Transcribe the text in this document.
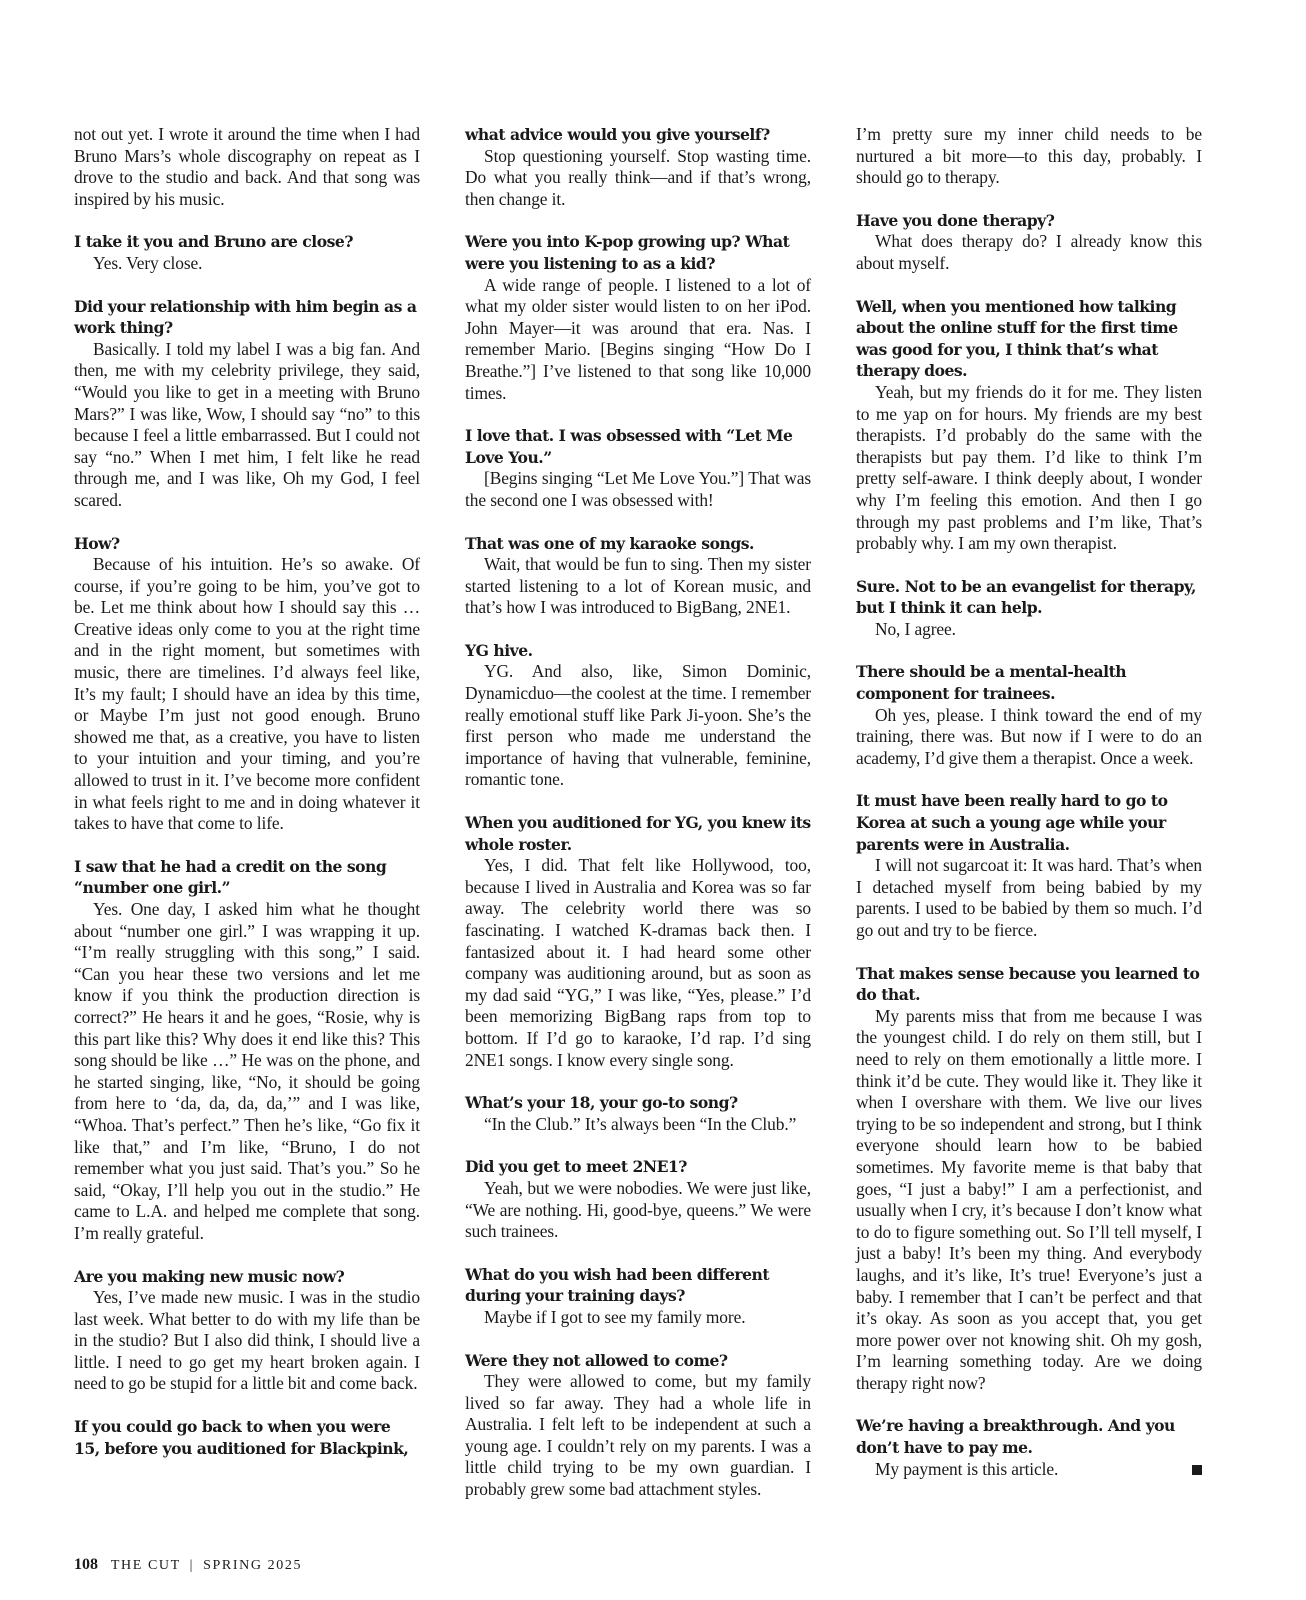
not out yet. I wrote it around the time when I had Bruno Mars’s whole discography on repeat as I drove to the studio and back. And that song was inspired by his music.
I take it you and Bruno are close?
Yes. Very close.
Did your relationship with him begin as a work thing?
Basically. I told my label I was a big fan. And then, me with my celebrity privilege, they said, “Would you like to get in a meeting with Bruno Mars?” I was like, Wow, I should say “no” to this because I feel a little embarrassed. But I could not say “no.” When I met him, I felt like he read through me, and I was like, Oh my God, I feel scared.
How?
Because of his intuition. He’s so awake. Of course, if you’re going to be him, you’ve got to be. Let me think about how I should say this … Creative ideas only come to you at the right time and in the right moment, but sometimes with music, there are timelines. I’d always feel like, It’s my fault; I should have an idea by this time, or Maybe I’m just not good enough. Bruno showed me that, as a creative, you have to listen to your intuition and your timing, and you’re allowed to trust in it. I’ve become more confident in what feels right to me and in doing whatever it takes to have that come to life.
I saw that he had a credit on the song “number one girl.”
Yes. One day, I asked him what he thought about “number one girl.” I was wrapping it up. “I’m really struggling with this song,” I said. “Can you hear these two versions and let me know if you think the production direction is correct?” He hears it and he goes, “Rosie, why is this part like this? Why does it end like this? This song should be like …” He was on the phone, and he started singing, like, “No, it should be going from here to ‘da, da, da, da,’” and I was like, “Whoa. That’s perfect.” Then he’s like, “Go fix it like that,” and I’m like, “Bruno, I do not remember what you just said. That’s you.” So he said, “Okay, I’ll help you out in the studio.” He came to L.A. and helped me complete that song. I’m really grateful.
Are you making new music now?
Yes, I’ve made new music. I was in the studio last week. What better to do with my life than be in the studio? But I also did think, I should live a little. I need to go get my heart broken again. I need to go be stupid for a little bit and come back.
If you could go back to when you were 15, before you auditioned for Blackpink,
what advice would you give yourself?
Stop questioning yourself. Stop wasting time. Do what you really think—and if that’s wrong, then change it.
Were you into K-pop growing up? What were you listening to as a kid?
A wide range of people. I listened to a lot of what my older sister would listen to on her iPod. John Mayer—it was around that era. Nas. I remember Mario. [Begins singing “How Do I Breathe.”] I’ve listened to that song like 10,000 times.
I love that. I was obsessed with “Let Me Love You.”
[Begins singing “Let Me Love You.”] That was the second one I was obsessed with!
That was one of my karaoke songs.
Wait, that would be fun to sing. Then my sister started listening to a lot of Korean music, and that’s how I was introduced to BigBang, 2NE1.
YG hive.
YG. And also, like, Simon Dominic, Dynamicduo—the coolest at the time. I remember really emotional stuff like Park Ji-yoon. She’s the first person who made me understand the importance of having that vulnerable, feminine, romantic tone.
When you auditioned for YG, you knew its whole roster.
Yes, I did. That felt like Hollywood, too, because I lived in Australia and Korea was so far away. The celebrity world there was so fascinating. I watched K-dramas back then. I fantasized about it. I had heard some other company was auditioning around, but as soon as my dad said “YG,” I was like, “Yes, please.” I’d been memorizing BigBang raps from top to bottom. If I’d go to karaoke, I’d rap. I’d sing 2NE1 songs. I know every single song.
What’s your 18, your go-to song?
“In the Club.” It’s always been “In the Club.”
Did you get to meet 2NE1?
Yeah, but we were nobodies. We were just like, “We are nothing. Hi, good-bye, queens.” We were such trainees.
What do you wish had been different during your training days?
Maybe if I got to see my family more.
Were they not allowed to come?
They were allowed to come, but my family lived so far away. They had a whole life in Australia. I felt left to be independent at such a young age. I couldn’t rely on my parents. I was a little child trying to be my own guardian. I probably grew some bad attachment styles.
I’m pretty sure my inner child needs to be nurtured a bit more—to this day, probably. I should go to therapy.
Have you done therapy?
What does therapy do? I already know this about myself.
Well, when you mentioned how talking about the online stuff for the first time was good for you, I think that’s what therapy does.
Yeah, but my friends do it for me. They listen to me yap on for hours. My friends are my best therapists. I’d probably do the same with the therapists but pay them. I’d like to think I’m pretty self-aware. I think deeply about, I wonder why I’m feeling this emotion. And then I go through my past problems and I’m like, That’s probably why. I am my own therapist.
Sure. Not to be an evangelist for therapy, but I think it can help.
No, I agree.
There should be a mental-health component for trainees.
Oh yes, please. I think toward the end of my training, there was. But now if I were to do an academy, I’d give them a therapist. Once a week.
It must have been really hard to go to Korea at such a young age while your parents were in Australia.
I will not sugarcoat it: It was hard. That’s when I detached myself from being babied by my parents. I used to be babied by them so much. I’d go out and try to be fierce.
That makes sense because you learned to do that.
My parents miss that from me because I was the youngest child. I do rely on them still, but I need to rely on them emotionally a little more. I think it’d be cute. They would like it. They like it when I overshare with them. We live our lives trying to be so independent and strong, but I think everyone should learn how to be babied sometimes. My favorite meme is that baby that goes, “I just a baby!” I am a perfectionist, and usually when I cry, it’s because I don’t know what to do to figure something out. So I’ll tell myself, I just a baby! It’s been my thing. And everybody laughs, and it’s like, It’s true! Everyone’s just a baby. I remember that I can’t be perfect and that it’s okay. As soon as you accept that, you get more power over not knowing shit. Oh my gosh, I’m learning something today. Are we doing therapy right now?
We’re having a breakthrough. And you don’t have to pay me.
My payment is this article.
108 THE CUT | SPRING 2025
